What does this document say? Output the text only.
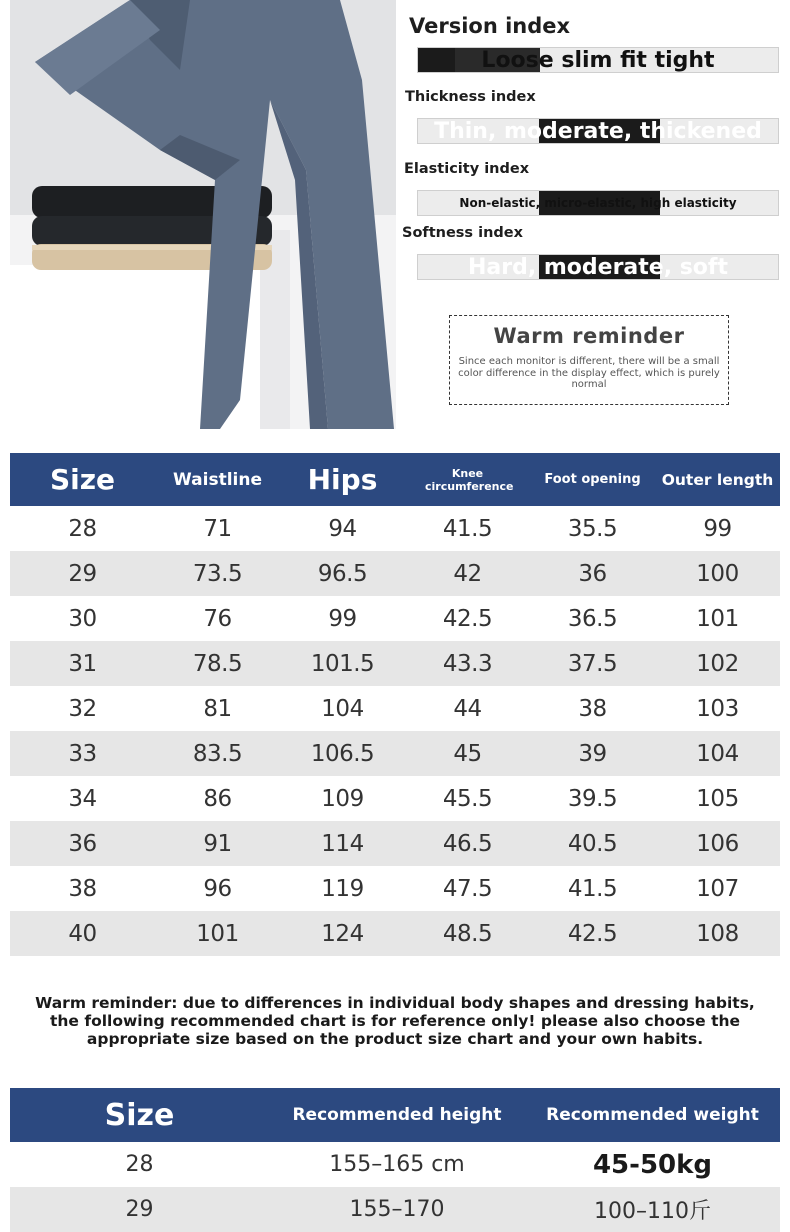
Version index
Loose slim fit tight
Thickness index
Thin, moderate, thickened
Elasticity index
Non-elastic, micro-elastic, high elasticity
Softness index
Hard, moderate, soft
Warm reminder
Since each monitor is different, there will be a small color difference in the display effect, which is purely normal
Size	Waistline	Hips	Knee circumference	Foot opening	Outer length
28	71	94	41.5	35.5	99
29	73.5	96.5	42	36	100
30	76	99	42.5	36.5	101
31	78.5	101.5	43.3	37.5	102
32	81	104	44	38	103
33	83.5	106.5	45	39	104
34	86	109	45.5	39.5	105
36	91	114	46.5	40.5	106
38	96	119	47.5	41.5	107
40	101	124	48.5	42.5	108
Warm reminder: due to differences in individual body shapes and dressing habits, the following recommended chart is for reference only! please also choose the appropriate size based on the product size chart and your own habits.
Size	Recommended height	Recommended weight
28	155–165 cm	45-50kg
29	155–170	100–110斤
